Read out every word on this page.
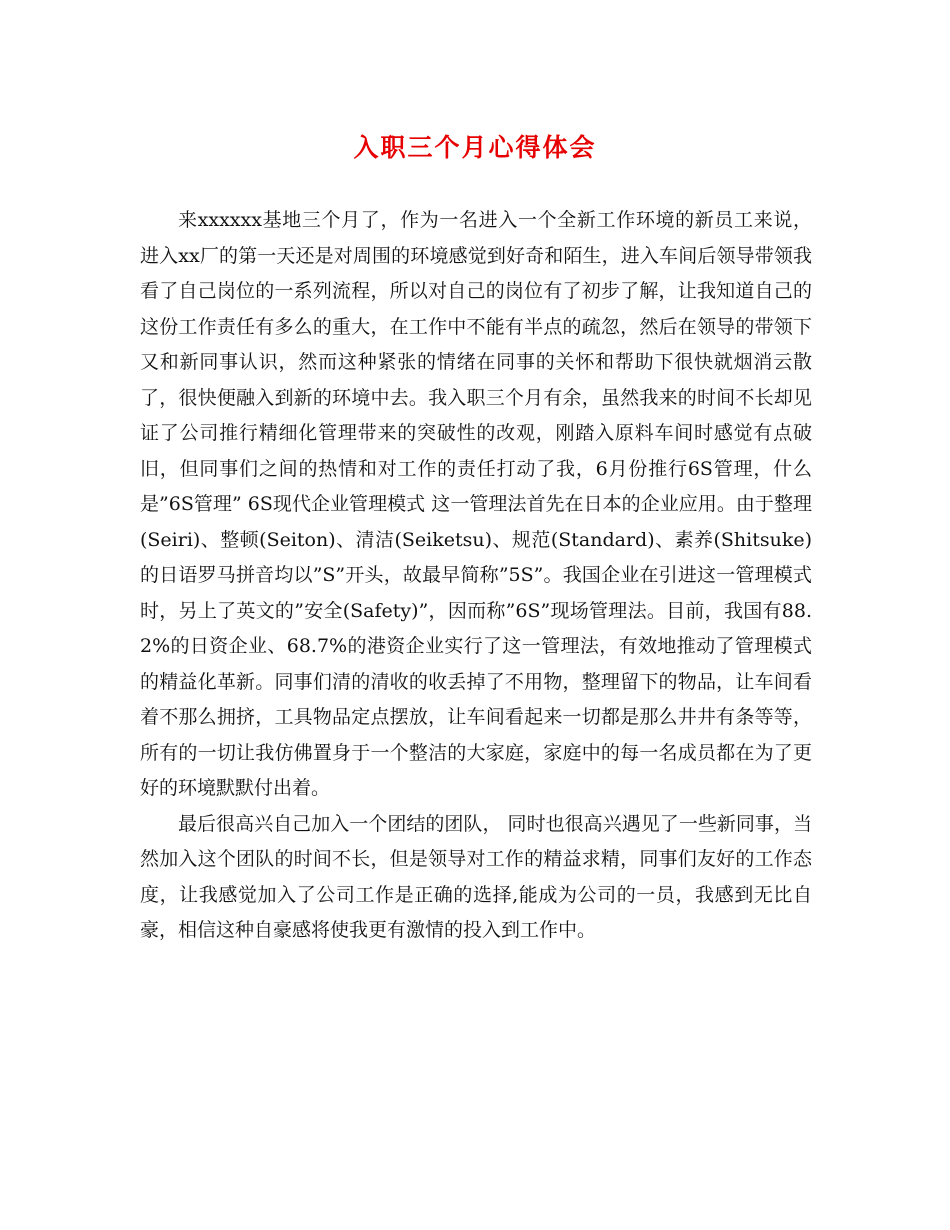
入职三个月心得体会

来xxxxxx基地三个月了，作为一名进入一个全新工作环境的新员工来说，进入xx厂的第一天还是对周围的环境感觉到好奇和陌生，进入车间后领导带领我看了自己岗位的一系列流程，所以对自己的岗位有了初步了解，让我知道自己的这份工作责任有多么的重大，在工作中不能有半点的疏忽，然后在领导的带领下又和新同事认识，然而这种紧张的情绪在同事的关怀和帮助下很快就烟消云散了，很快便融入到新的环境中去。我入职三个月有余，虽然我来的时间不长却见证了公司推行精细化管理带来的突破性的改观，刚踏入原料车间时感觉有点破旧，但同事们之间的热情和对工作的责任打动了我，6月份推行6S管理，什么是”6S管理” 6S现代企业管理模式 这一管理法首先在日本的企业应用。由于整理(Seiri)、整顿(Seiton)、清洁(Seiketsu)、规范(Standard)、素养(Shitsuke)的日语罗马拼音均以”S”开头，故最早简称”5S”。我国企业在引进这一管理模式时，另上了英文的”安全(Safety)”，因而称”6S”现场管理法。目前，我国有88.2%的日资企业、68.7%的港资企业实行了这一管理法，有效地推动了管理模式的精益化革新。同事们清的清收的收丢掉了不用物，整理留下的物品，让车间看着不那么拥挤，工具物品定点摆放，让车间看起来一切都是那么井井有条等等，所有的一切让我仿佛置身于一个整洁的大家庭，家庭中的每一名成员都在为了更好的环境默默付出着。

最后很高兴自己加入一个团结的团队， 同时也很高兴遇见了一些新同事，当然加入这个团队的时间不长，但是领导对工作的精益求精，同事们友好的工作态度，让我感觉加入了公司工作是正确的选择,能成为公司的一员，我感到无比自豪，相信这种自豪感将使我更有激情的投入到工作中。
